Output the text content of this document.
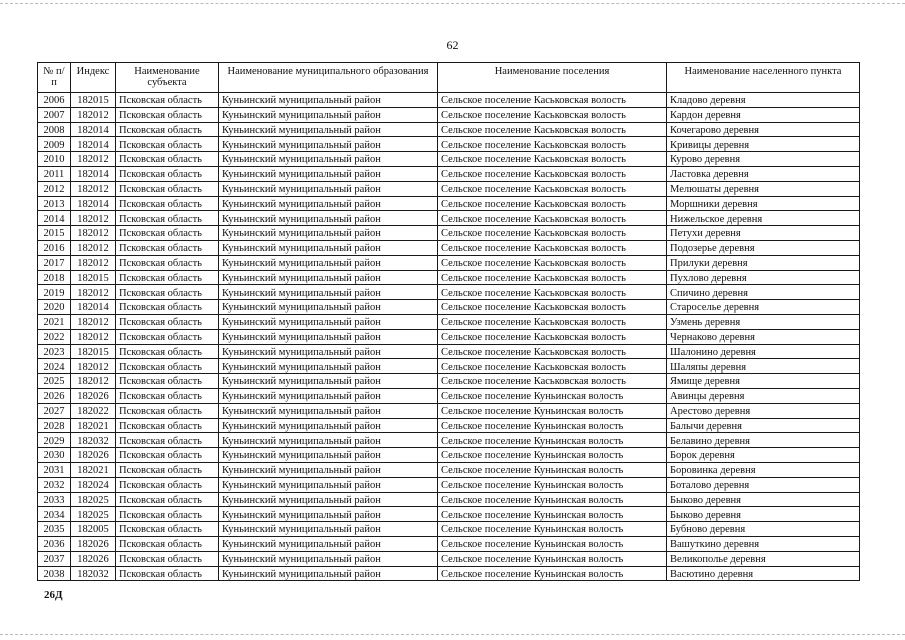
62
№ п/п	Индекс	Наименование субъекта	Наименование муниципального образования	Наименование поселения	Наименование населенного пункта
2006	182015	Псковская область	Куньинский муниципальный район	Сельское поселение Каськовская волость	Кладово деревня
2007	182012	Псковская область	Куньинский муниципальный район	Сельское поселение Каськовская волость	Кардон деревня
2008	182014	Псковская область	Куньинский муниципальный район	Сельское поселение Каськовская волость	Кочегарово деревня
2009	182014	Псковская область	Куньинский муниципальный район	Сельское поселение Каськовская волость	Кривицы деревня
2010	182012	Псковская область	Куньинский муниципальный район	Сельское поселение Каськовская волость	Курово деревня
2011	182014	Псковская область	Куньинский муниципальный район	Сельское поселение Каськовская волость	Ластовка деревня
2012	182012	Псковская область	Куньинский муниципальный район	Сельское поселение Каськовская волость	Мелюшаты деревня
2013	182014	Псковская область	Куньинский муниципальный район	Сельское поселение Каськовская волость	Моршники деревня
2014	182012	Псковская область	Куньинский муниципальный район	Сельское поселение Каськовская волость	Нижельское деревня
2015	182012	Псковская область	Куньинский муниципальный район	Сельское поселение Каськовская волость	Петухи деревня
2016	182012	Псковская область	Куньинский муниципальный район	Сельское поселение Каськовская волость	Подозерье деревня
2017	182012	Псковская область	Куньинский муниципальный район	Сельское поселение Каськовская волость	Прилуки деревня
2018	182015	Псковская область	Куньинский муниципальный район	Сельское поселение Каськовская волость	Пухлово деревня
2019	182012	Псковская область	Куньинский муниципальный район	Сельское поселение Каськовская волость	Спичино деревня
2020	182014	Псковская область	Куньинский муниципальный район	Сельское поселение Каськовская волость	Староселье деревня
2021	182012	Псковская область	Куньинский муниципальный район	Сельское поселение Каськовская волость	Узмень деревня
2022	182012	Псковская область	Куньинский муниципальный район	Сельское поселение Каськовская волость	Чернаково деревня
2023	182015	Псковская область	Куньинский муниципальный район	Сельское поселение Каськовская волость	Шалонино деревня
2024	182012	Псковская область	Куньинский муниципальный район	Сельское поселение Каськовская волость	Шаляпы деревня
2025	182012	Псковская область	Куньинский муниципальный район	Сельское поселение Каськовская волость	Ямище деревня
2026	182026	Псковская область	Куньинский муниципальный район	Сельское поселение Куньинская волость	Авинцы деревня
2027	182022	Псковская область	Куньинский муниципальный район	Сельское поселение Куньинская волость	Арестово деревня
2028	182021	Псковская область	Куньинский муниципальный район	Сельское поселение Куньинская волость	Балычи деревня
2029	182032	Псковская область	Куньинский муниципальный район	Сельское поселение Куньинская волость	Белавино деревня
2030	182026	Псковская область	Куньинский муниципальный район	Сельское поселение Куньинская волость	Борок деревня
2031	182021	Псковская область	Куньинский муниципальный район	Сельское поселение Куньинская волость	Боровинка деревня
2032	182024	Псковская область	Куньинский муниципальный район	Сельское поселение Куньинская волость	Боталово деревня
2033	182025	Псковская область	Куньинский муниципальный район	Сельское поселение Куньинская волость	Быково деревня
2034	182025	Псковская область	Куньинский муниципальный район	Сельское поселение Куньинская волость	Быково деревня
2035	182005	Псковская область	Куньинский муниципальный район	Сельское поселение Куньинская волость	Бубново деревня
2036	182026	Псковская область	Куньинский муниципальный район	Сельское поселение Куньинская волость	Вашуткино деревня
2037	182026	Псковская область	Куньинский муниципальный район	Сельское поселение Куньинская волость	Великополье деревня
2038	182032	Псковская область	Куньинский муниципальный район	Сельское поселение Куньинская волость	Васютино деревня
26Д
